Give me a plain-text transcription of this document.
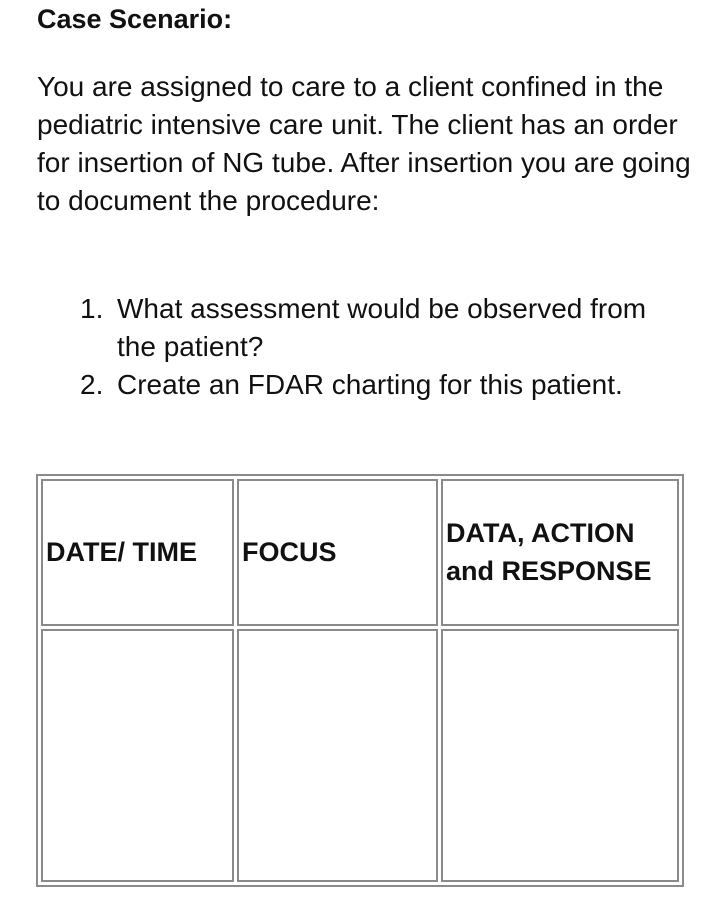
Case Scenario:

You are assigned to care to a client confined in the pediatric intensive care unit. The client has an order for insertion of NG tube. After insertion you are going to document the procedure:

1. What assessment would be observed from the patient?
2. Create an FDAR charting for this patient.
DATE/ TIME	FOCUS	DATA, ACTION and RESPONSE
